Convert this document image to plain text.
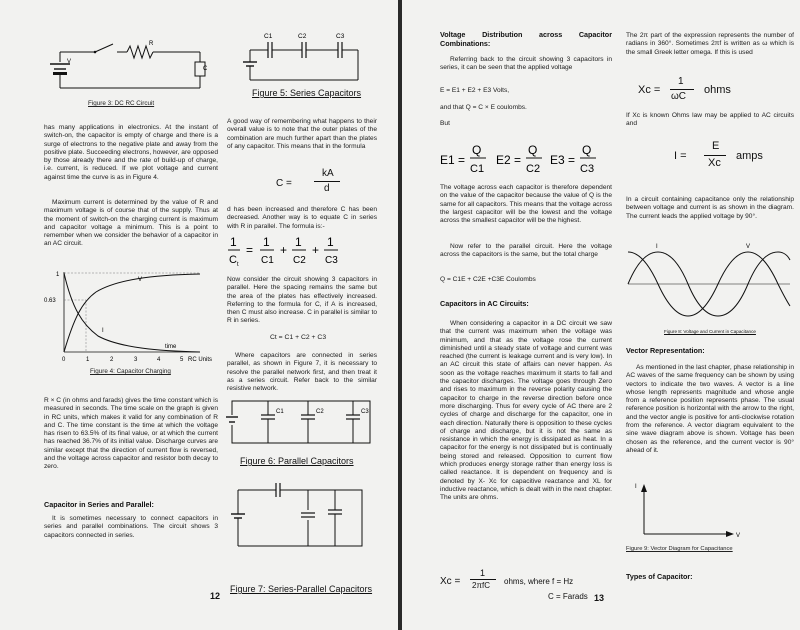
R
V
C
Figure 3: DC RC Circuit
has many applications in electronics. At the instant of switch-on, the capacitor is empty of charge and there is a surge of electrons to the negative plate and away from the positive plate. Succeeding electrons, however, are opposed by those already there and the rate of build-up of charge, i.e. current, is reduced. If we plot voltage and current against time the curve is as in Figure 4.
Maximum current is determined by the value of R and maximum voltage is of course that of the supply. Thus at the moment of switch-on the charging current is maximum and capacitor voltage a minimum. This is a point to remember when we consider the behavior of a capacitor in an AC circuit.
1
0.63
V
I
time
0	1	2	3	4	5 RC Units
Figure 4: Capacitor Charging
R × C (in ohms and farads) gives the time constant which is measured in seconds. The time scale on the graph is given in RC units, which makes it valid for any combination of R and C. The time constant is the time at which the voltage has risen to 63.5% of its final value, or at which the current has reached 36.7% of its initial value. Discharge curves are similar except that the direction of current flow is reversed, and the voltage across capacitor and resistor both decay to zero.
Capacitor in Series and Parallel:
It is sometimes necessary to connect capacitors in series and parallel combinations. The circuit shows 3 capacitors connected in series.
C1	C2	C3
Figure 5: Series Capacitors
A good way of remembering what happens to their overall value is to note that the outer plates of the combination are much further apart than the plates of any capacitor. This means that in the formula
C =
kA
d
d has been increased and therefore C has been decreased. Another way is to equate C in series with R in parallel. The formula is:-
1
C t
=
1
C1
+
1
C2
+
1
C3
Now consider the circuit showing 3 capacitors in parallel. Here the spacing remains the same but the area of the plates has effectively increased. Referring to the formula for C, if A is increased, then C must also increase. C in parallel is similar to R in series.
Ct = C1 + C2 + C3
Where capacitors are connected in series parallel, as shown in Figure 7, it is necessary to resolve the parallel network first, and then treat it as a series circuit. Refer back to the similar resistive network.
C1	C2	C3
Figure 6: Parallel Capacitors
Figure 7: Series-Parallel Capacitors
12
Voltage Distribution across Capacitor Combinations:
Referring back to the circuit showing 3 capacitors in series, it can be seen that the applied voltage
E = E1 + E2 + E3 Volts,
and that Q = C × E coulombs.
But
E1 =
Q
C1
E2 =
Q
C2
E3 =
Q
C3
The voltage across each capacitor is therefore dependent on the value of the capacitor because the value of Q is the same for all capacitors. This means that the voltage across the largest capacitor will be the lowest and the voltage across the smallest capacitor will be the highest.
Now refer to the parallel circuit. Here the voltage across the capacitors is the same, but the total charge
Q = C1E + C2E +C3E Coulombs
Capacitors in AC Circuits:
When considering a capacitor in a DC circuit we saw that the current was maximum when the voltage was minimum, and that as the voltage rose the current diminished until a steady state of voltage and current was reached (the current is leakage current and is very low). In an AC circuit this state of affairs can never happen. As soon as the voltage reaches maximum it starts to fall and the capacitor discharges. The voltage goes through Zero and rises to maximum in the reverse polarity causing the capacitor to charge in the reverse direction before once more discharging. Thus for every cycle of AC there are 2 cycles of charge and discharge for the capacitor, one in each direction. Naturally there is opposition to these cycles of charge and discharge, but it is not the same as resistance in which the energy is dissipated as heat. In a capacitor for the energy is not dissipated but is continually being stored and released. Opposition to current flow which produces energy storage rather than energy loss is called reactance. It is dependent on frequency and is denoted by X- Xc for capacitive reactance and XL for inductive reactance, which is dealt with in the next chapter. The units are ohms.
Xc =
1
2πfC ohms, where f = Hz
C = Farads
The 2π part of the expression represents the number of radians in 360°. Sometimes 2πf is written as ω which is the small Greek letter omega. If this is used
Xc =
1
ωC
ohms
If Xc is known Ohms law may be applied to AC circuits and
I =
E
Xc
amps
In a circuit containing capacitance only the relationship between voltage and current is as shown in the diagram. The current leads the applied voltage by 90°.
I	V
Figure 8: Voltage and Current in Capacitance
Vector Representation:
As mentioned in the last chapter, phase relationship in AC waves of the same frequency can be shown by using vectors to indicate the two waves. A vector is a line whose length represents magnitude and whose angle from a reference position represents phase. The usual reference position is horizontal with the arrow to the right, and the vector angle is positive for anti-clockwise rotation from the reference. A vector diagram equivalent to the sine wave diagram above is shown. Voltage has been chosen as the reference, and the current vector is 90° ahead of it.
I
V
Figure 9: Vector Diagram for Capacitance
Types of Capacitor:
13
